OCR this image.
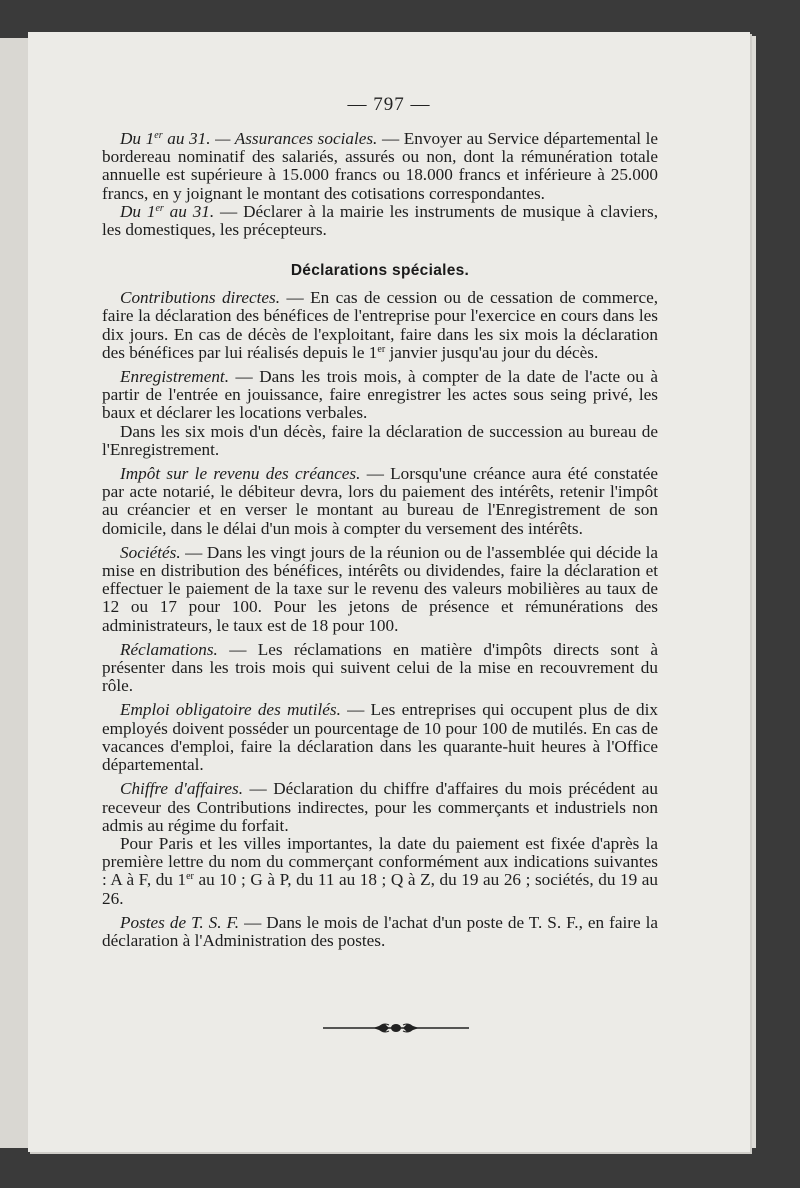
— 797 —

Du 1er au 31. — Assurances sociales. — Envoyer au Service départemental le bordereau nominatif des salariés, assurés ou non, dont la rémunération totale annuelle est supérieure à 15.000 francs ou 18.000 francs et inférieure à 25.000 francs, en y joignant le montant des cotisations correspondantes.

Du 1er au 31. — Déclarer à la mairie les instruments de musique à claviers, les domestiques, les précepteurs.

Déclarations spéciales.

Contributions directes. — En cas de cession ou de cessation de commerce, faire la déclaration des bénéfices de l'entreprise pour l'exercice en cours dans les dix jours. En cas de décès de l'exploitant, faire dans les six mois la déclaration des bénéfices par lui réalisés depuis le 1er janvier jusqu'au jour du décès.

Enregistrement. — Dans les trois mois, à compter de la date de l'acte ou à partir de l'entrée en jouissance, faire enregistrer les actes sous seing privé, les baux et déclarer les locations verbales.

Dans les six mois d'un décès, faire la déclaration de succession au bureau de l'Enregistrement.

Impôt sur le revenu des créances. — Lorsqu'une créance aura été constatée par acte notarié, le débiteur devra, lors du paiement des intérêts, retenir l'impôt au créancier et en verser le montant au bureau de l'Enregistrement de son domicile, dans le délai d'un mois à compter du versement des intérêts.

Sociétés. — Dans les vingt jours de la réunion ou de l'assemblée qui décide la mise en distribution des bénéfices, intérêts ou dividendes, faire la déclaration et effectuer le paiement de la taxe sur le revenu des valeurs mobilières au taux de 12 ou 17 pour 100. Pour les jetons de présence et rémunérations des administrateurs, le taux est de 18 pour 100.

Réclamations. — Les réclamations en matière d'impôts directs sont à présenter dans les trois mois qui suivent celui de la mise en recouvrement du rôle.

Emploi obligatoire des mutilés. — Les entreprises qui occupent plus de dix employés doivent posséder un pourcentage de 10 pour 100 de mutilés. En cas de vacances d'emploi, faire la déclaration dans les quarante-huit heures à l'Office départemental.

Chiffre d'affaires. — Déclaration du chiffre d'affaires du mois précédent au receveur des Contributions indirectes, pour les commerçants et industriels non admis au régime du forfait.

Pour Paris et les villes importantes, la date du paiement est fixée d'après la première lettre du nom du commerçant conformément aux indications suivantes : A à F, du 1er au 10 ; G à P, du 11 au 18 ; Q à Z, du 19 au 26 ; sociétés, du 19 au 26.

Postes de T. S. F. — Dans le mois de l'achat d'un poste de T. S. F., en faire la déclaration à l'Administration des postes.
